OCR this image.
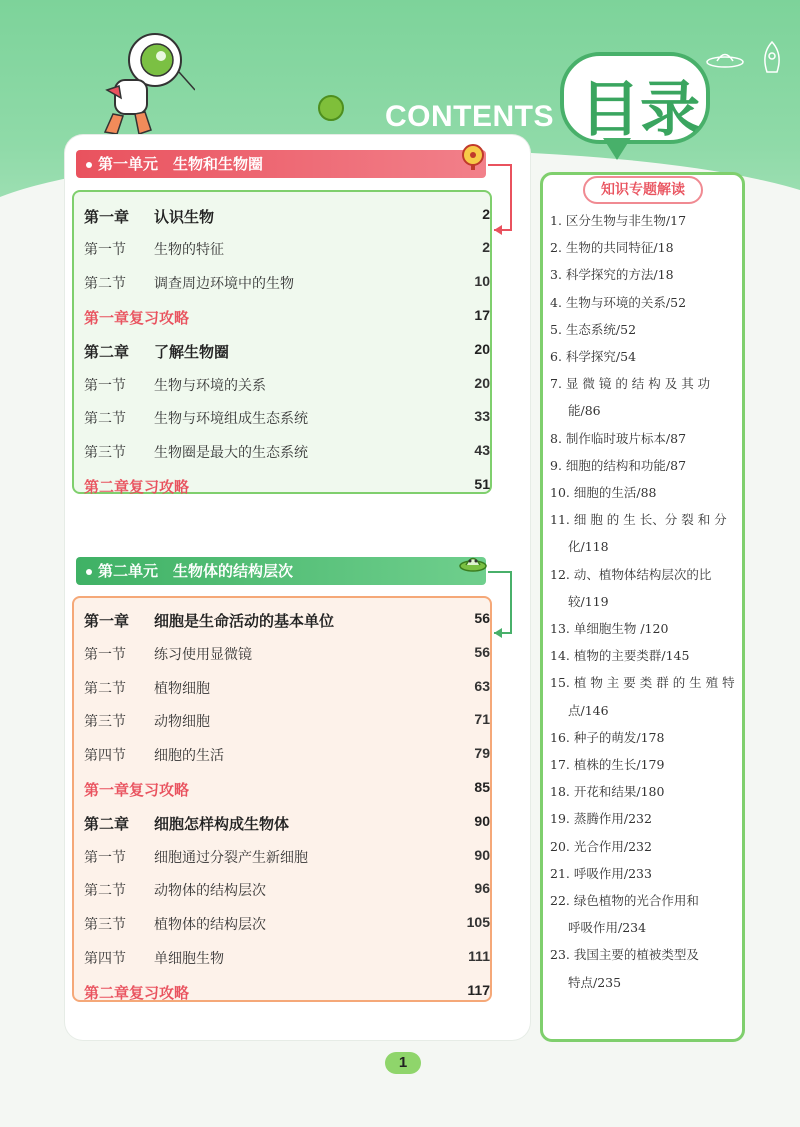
CONTENTS 目录
第一单元　生物和生物圈
第一章 认识生物	2
第一节 生物的特征	2
第二节 调查周边环境中的生物	10
第一章复习攻略	17
第二章 了解生物圈	20
第一节 生物与环境的关系	20
第二节 生物与环境组成生态系统	33
第三节 生物圈是最大的生态系统	43
第二章复习攻略	51
第二单元　生物体的结构层次
第一章 细胞是生命活动的基本单位	56
第一节 练习使用显微镜	56
第二节 植物细胞	63
第三节 动物细胞	71
第四节 细胞的生活	79
第一章复习攻略	85
第二章 细胞怎样构成生物体	90
第一节 细胞通过分裂产生新细胞	90
第二节 动物体的结构层次	96
第三节 植物体的结构层次	105
第四节 单细胞生物	111
第二章复习攻略	117
知识专题解读
1. 区分生物与非生物/17
2. 生物的共同特征/18
3. 科学探究的方法/18
4. 生物与环境的关系/52
5. 生态系统/52
6. 科学探究/54
7. 显 微 镜 的 结 构 及 其 功
能/86
8. 制作临时玻片标本/87
9. 细胞的结构和功能/87
10. 细胞的生活/88
11. 细 胞 的 生 长、分 裂 和 分
化/118
12. 动、植物体结构层次的比
较/119
13. 单细胞生物 /120
14. 植物的主要类群/145
15. 植 物 主 要 类 群 的 生 殖 特
点/146
16. 种子的萌发/178
17. 植株的生长/179
18. 开花和结果/180
19. 蒸腾作用/232
20. 光合作用/232
21. 呼吸作用/233
22. 绿色植物的光合作用和
呼吸作用/234
23. 我国主要的植被类型及
特点/235
1
